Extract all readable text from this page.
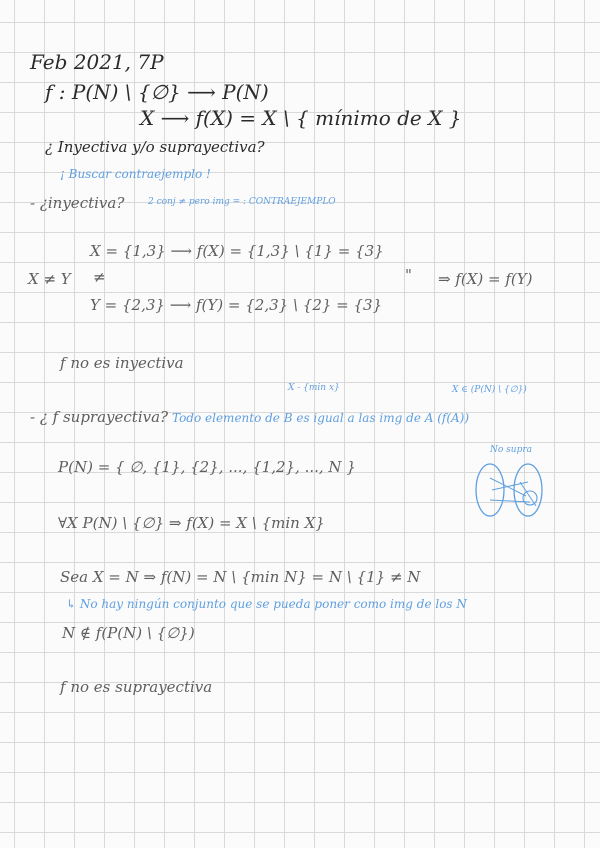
Feb 2021, 7P
f : P(N) \ {∅} ⟶ P(N)
X ⟶ f(X) = X \ { mínimo de X }
¿ Inyectiva y/o suprayectiva?
¡ Buscar contraejemplo !
- ¿inyectiva?	2 conj ≠ pero img = : CONTRAEJEMPLO
X = {1,3} ⟶ f(X) = {1,3} \ {1} = {3}
X ≠ Y ≠	" ⇒ f(X) = f(Y)
Y = {2,3} ⟶ f(Y) = {2,3} \ {2} = {3}
f no es inyectiva
X - {min x}	X ∈ (P(N) \ {∅})
- ¿ f suprayectiva? Todo elemento de B es igual a las img de A (f(A))
P(N) = { ∅, {1}, {2}, ..., {1,2}, ..., N }
∀X P(N) \ {∅} ⇒ f(X) = X \ {min X}
Sea X = N ⇒ f(N) = N \ {min N} = N \ {1} ≠ N
↳ No hay ningún conjunto que se pueda poner como img de los N
N ∉ f(P(N) \ {∅})
f no es suprayectiva
No supra
